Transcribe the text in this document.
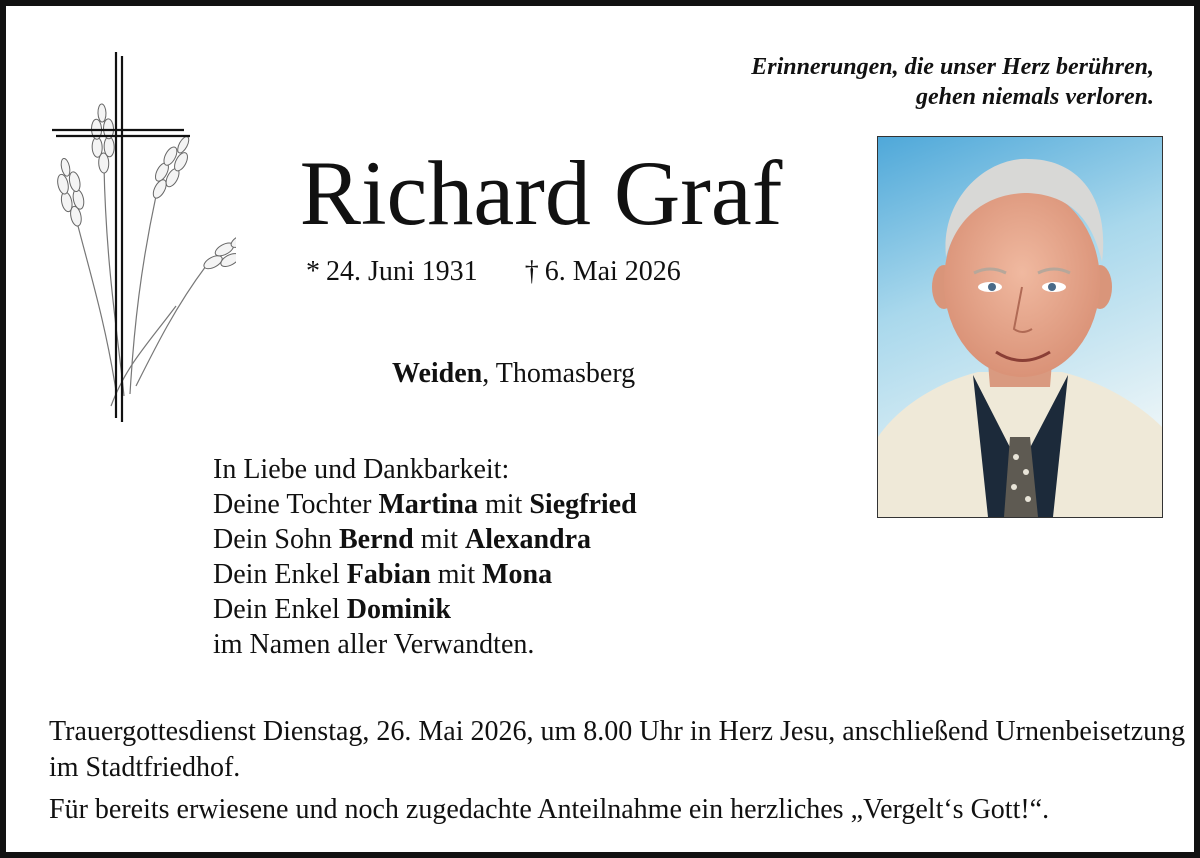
Erinnerungen, die unser Herz berühren,
gehen niemals verloren.
Richard Graf
* 24. Juni 1931 † 6. Mai 2026
Weiden, Thomasberg
In Liebe und Dankbarkeit:
Deine Tochter Martina mit Siegfried
Dein Sohn Bernd mit Alexandra
Dein Enkel Fabian mit Mona
Dein Enkel Dominik
im Namen aller Verwandten.
Trauergottesdienst Dienstag, 26. Mai 2026, um 8.00 Uhr in Herz Jesu, anschließend Urnenbeisetzung im Stadtfriedhof.
Für bereits erwiesene und noch zugedachte Anteilnahme ein herzliches „Vergelt‘s Gott!“.
